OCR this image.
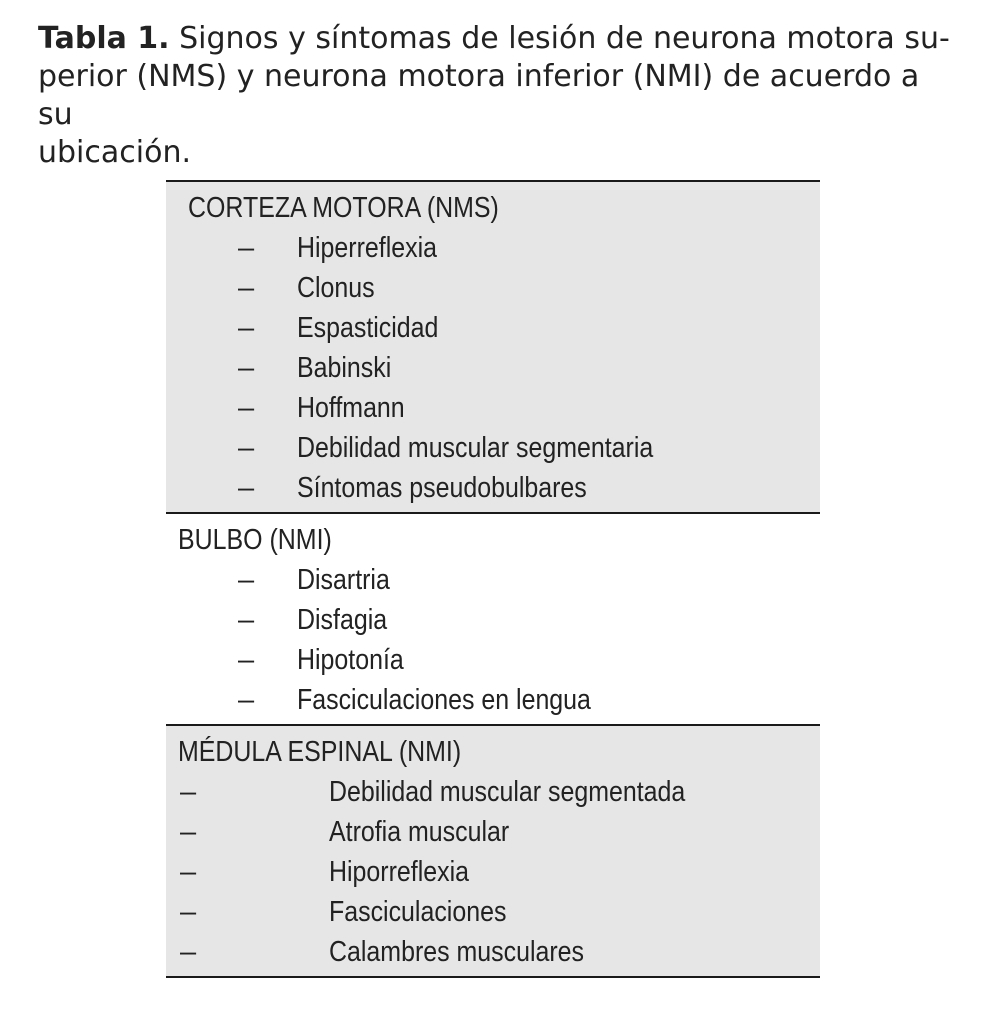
Tabla 1. Signos y síntomas de lesión de neurona motora su-
perior (NMS) y neurona motora inferior (NMI) de acuerdo a su
ubicación.
CORTEZA MOTORA (NMS)
– Hiperreflexia
– Clonus
– Espasticidad
– Babinski
– Hoffmann
– Debilidad muscular segmentaria
– Síntomas pseudobulbares
BULBO (NMI)
– Disartria
– Disfagia
– Hipotonía
– Fasciculaciones en lengua
MÉDULA ESPINAL (NMI)
–	Debilidad muscular segmentada
–	Atrofia muscular
–	Hiporreflexia
–	Fasciculaciones
–	Calambres musculares
